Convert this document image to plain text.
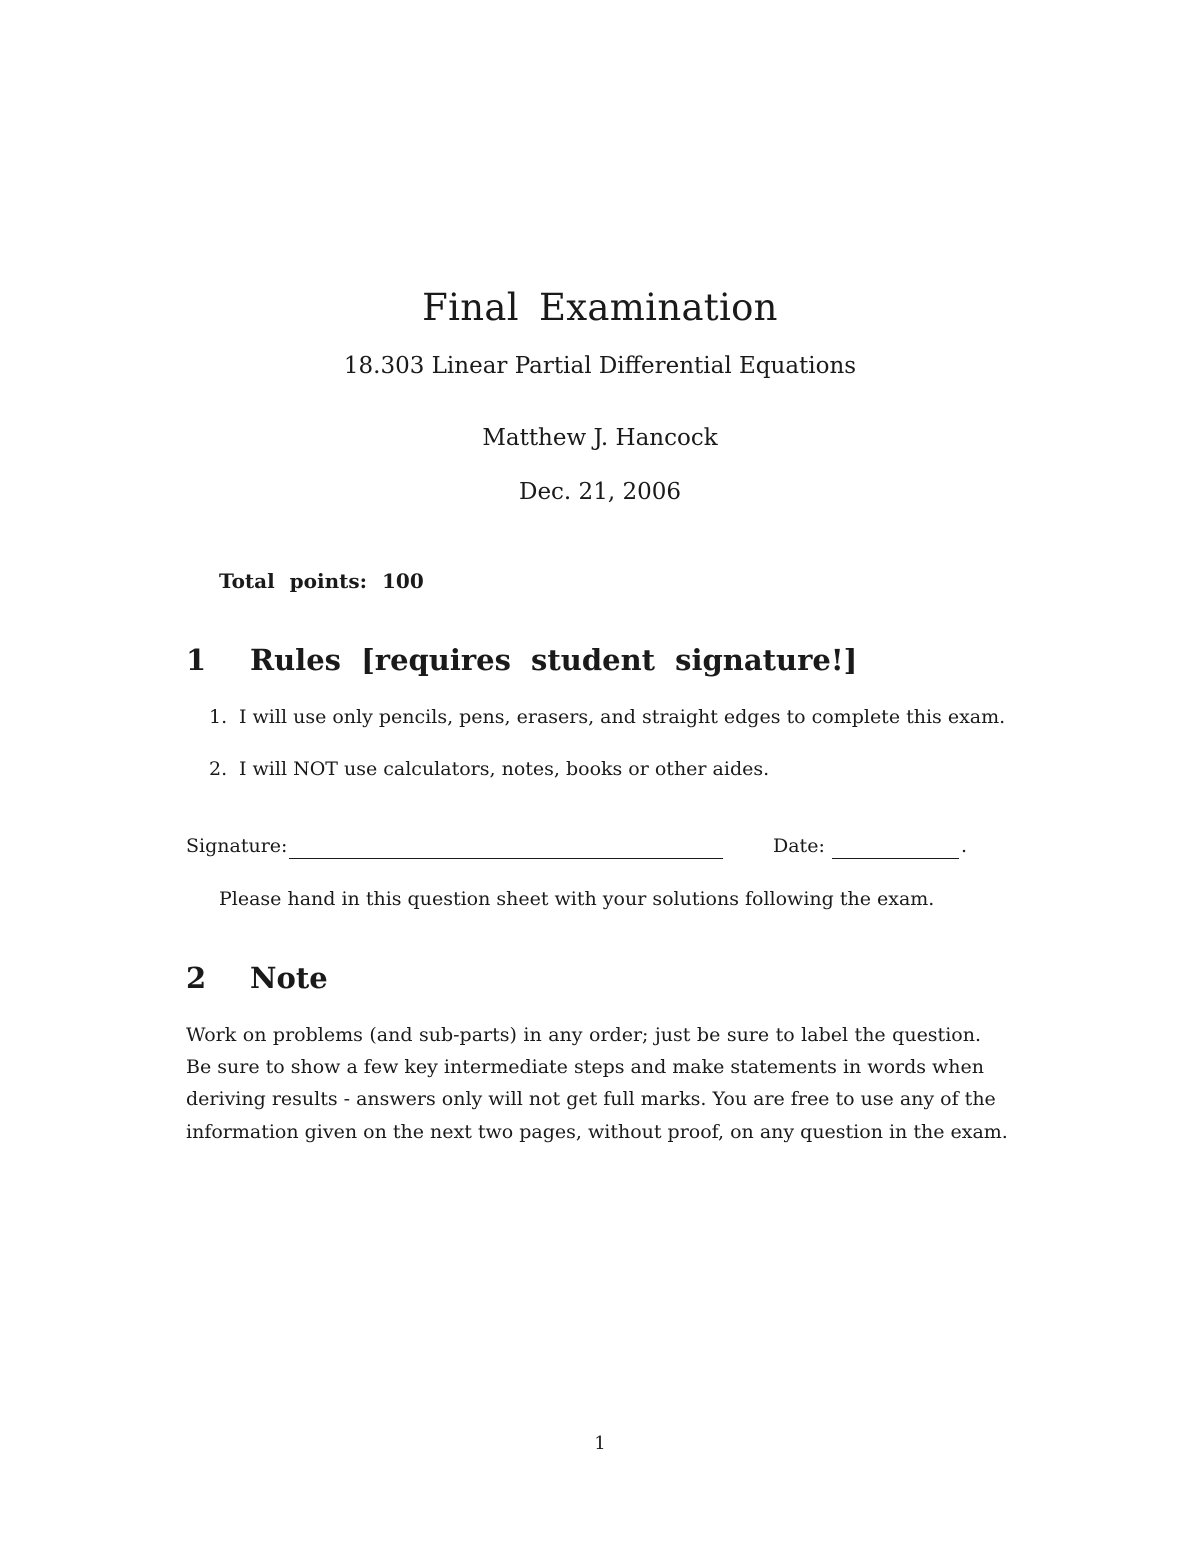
Final Examination
18.303 Linear Partial Differential Equations
Matthew J. Hancock
Dec. 21, 2006
Total points: 100
1 Rules [requires student signature!]
1. I will use only pencils, pens, erasers, and straight edges to complete this exam.
2. I will NOT use calculators, notes, books or other aides.
Signature:	Date:	.
Please hand in this question sheet with your solutions following the exam.
2 Note
Work on problems (and sub-parts) in any order; just be sure to label the question.
Be sure to show a few key intermediate steps and make statements in words when
deriving results - answers only will not get full marks. You are free to use any of the
information given on the next two pages, without proof, on any question in the exam.
1
